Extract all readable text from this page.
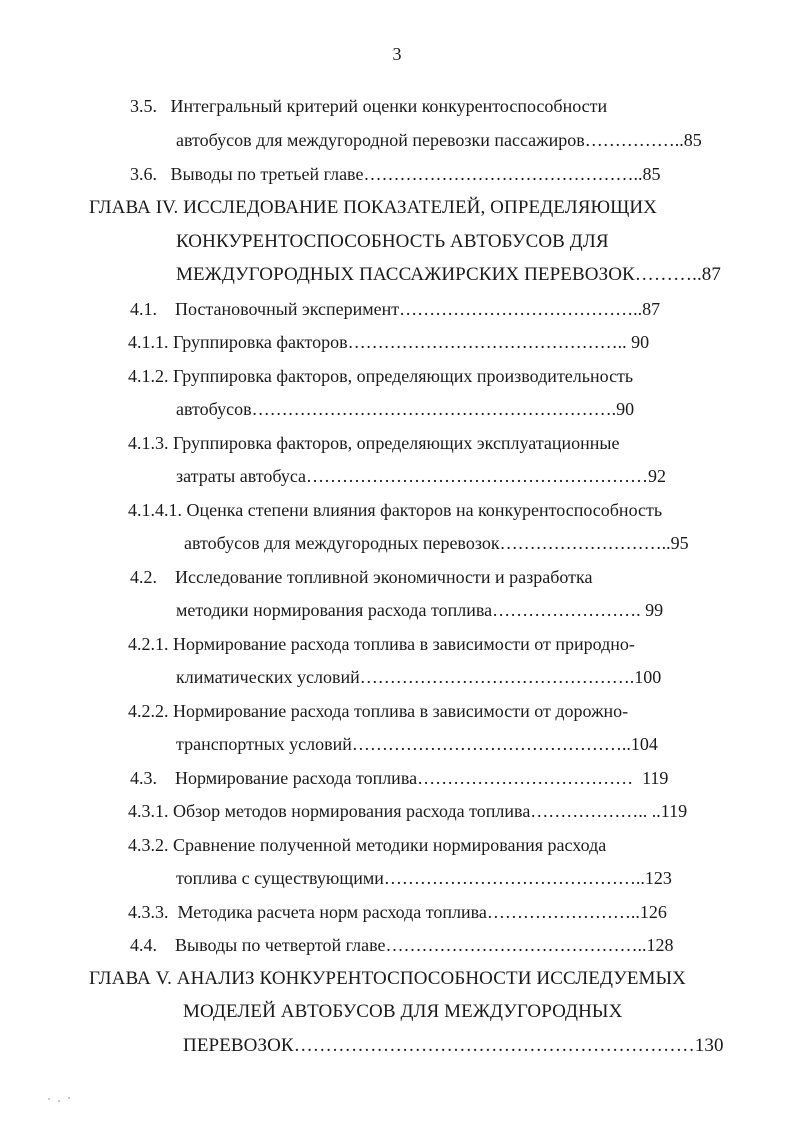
3
3.5.   Интегральный критерий оценки конкурентоспособности
автобусов для междугородной перевозки пассажиров……………..85
3.6.   Выводы по третьей главе………………………………………..85
ГЛАВА IV. ИССЛЕДОВАНИЕ ПОКАЗАТЕЛЕЙ, ОПРЕДЕЛЯЮЩИХ
КОНКУРЕНТОСПОСОБНОСТЬ АВТОБУСОВ ДЛЯ
МЕЖДУГОРОДНЫХ ПАССАЖИРСКИХ ПЕРЕВОЗОК………..87
4.1.    Постановочный эксперимент…………………………………..87
4.1.1. Группировка факторов……………………………………….. 90
4.1.2. Группировка факторов, определяющих производительность
автобусов…………………………………………………….90
4.1.3. Группировка факторов, определяющих эксплуатационные
затраты автобуса…………………………………………………92
4.1.4.1. Оценка степени влияния факторов на конкурентоспособность
автобусов для междугородных перевозок………………………..95
4.2.    Исследование топливной экономичности и разработка
методики нормирования расхода топлива……………………. 99
4.2.1. Нормирование расхода топлива в зависимости от природно-
климатических условий……………………………………….100
4.2.2. Нормирование расхода топлива в зависимости от дорожно-
транспортных условий………………………………………..104
4.3.    Нормирование расхода топлива………………………………  119
4.3.1. Обзор методов нормирования расхода топлива……………….. ..119
4.3.2. Сравнение полученной методики нормирования расхода
топлива с существующими……………………………………..123
4.3.3.  Методика расчета норм расхода топлива……………………..126
4.4.    Выводы по четвертой главе……………………………………..128
ГЛАВА V. АНАЛИЗ КОНКУРЕНТОСПОСОБНОСТИ ИССЛЕДУЕМЫХ
МОДЕЛЕЙ АВТОБУСОВ ДЛЯ МЕЖДУГОРОДНЫХ
ПЕРЕВОЗОК………………………………………………………130
